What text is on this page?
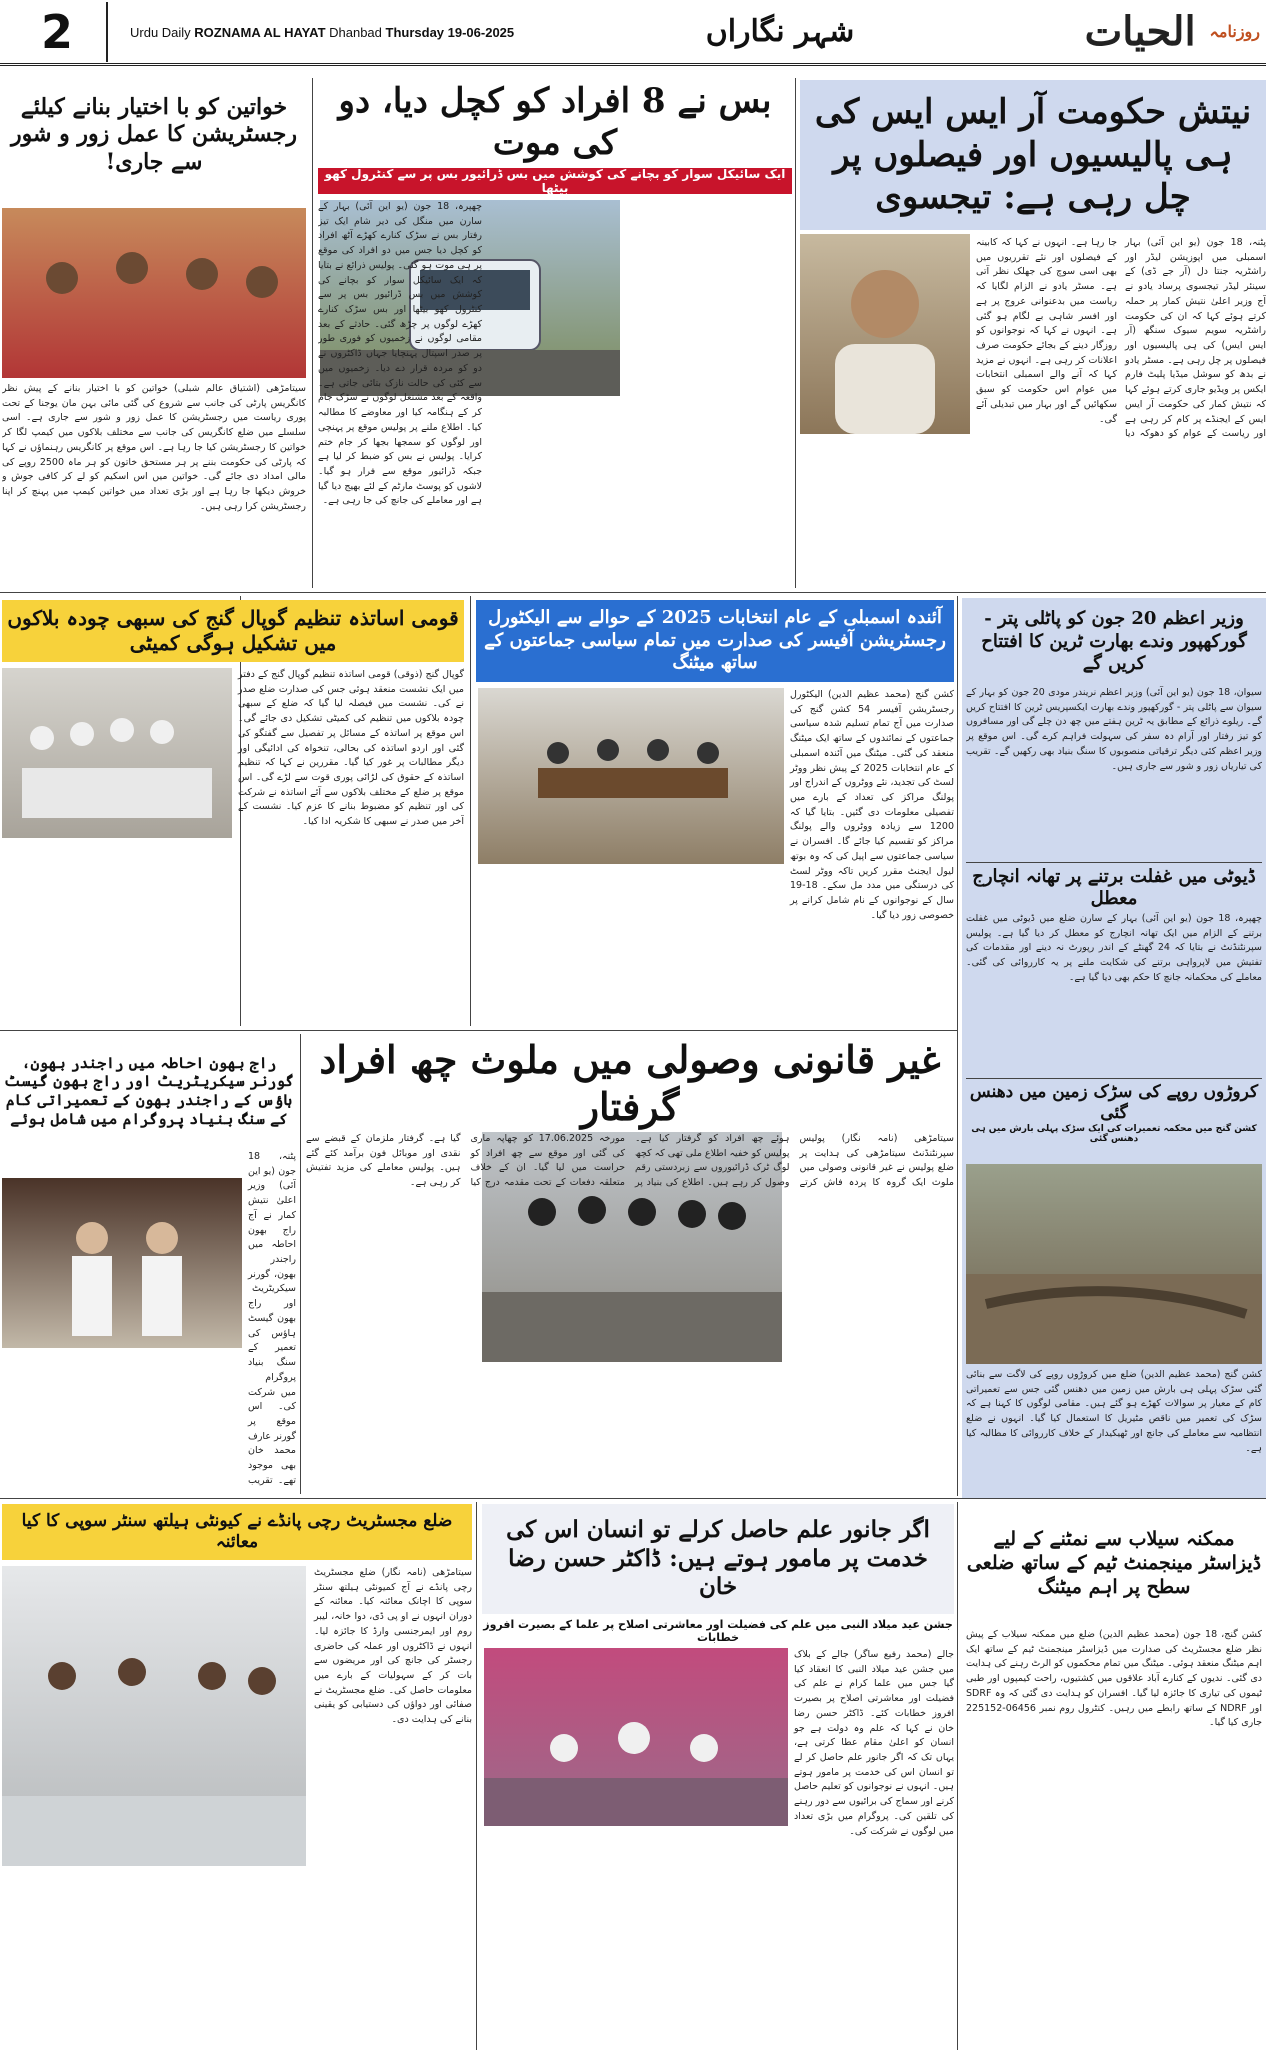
2	Urdu Daily ROZNAMA AL HAYAT Dhanbad Thursday 19-06-2025	شہر نگاراں	$^{روزنامہ}$ الحیات
نیتش حکومت آر ایس ایس کی ہی پالیسیوں اور فیصلوں پر چل رہی ہے: تیجسوی
پٹنہ، 18 جون (یو این آئی) بہار اسمبلی میں اپوزیشن لیڈر اور راشٹریہ جنتا دل (آر جے ڈی) کے سینئر لیڈر تیجسوی پرساد یادو نے آج وزیر اعلیٰ نتیش کمار پر حملہ کرتے ہوئے کہا کہ ان کی حکومت راشٹریہ سویم سیوک سنگھ (آر ایس ایس) کی ہی پالیسیوں اور فیصلوں پر چل رہی ہے۔ مسٹر یادو نے بدھ کو سوشل میڈیا پلیٹ فارم ایکس پر ویڈیو جاری کرتے ہوئے کہا کہ نتیش کمار کی حکومت آر ایس ایس کے ایجنڈے پر کام کر رہی ہے اور ریاست کے عوام کو دھوکہ دیا جا رہا ہے۔ انہوں نے کہا کہ کابینہ کے فیصلوں اور نئے تقرریوں میں بھی اسی سوچ کی جھلک نظر آتی ہے۔ مسٹر یادو نے الزام لگایا کہ ریاست میں بدعنوانی عروج پر ہے اور افسر شاہی بے لگام ہو گئی ہے۔ انہوں نے کہا کہ نوجوانوں کو روزگار دینے کے بجائے حکومت صرف اعلانات کر رہی ہے۔ انہوں نے مزید کہا کہ آنے والے اسمبلی انتخابات میں عوام اس حکومت کو سبق سکھائیں گے اور بہار میں تبدیلی آئے گی۔
بس نے 8 افراد کو کچل دیا، دو کی موت
ایک سائیکل سوار کو بچانے کی کوشش میں بس ڈرائیور بس پر سے کنٹرول کھو بیٹھا
چھپرہ، 18 جون (یو این آئی) بہار کے سارن میں منگل کی دیر شام ایک تیز رفتار بس نے سڑک کنارے کھڑے آٹھ افراد کو کچل دیا جس میں دو افراد کی موقع پر ہی موت ہو گئی۔ پولیس ذرائع نے بتایا کہ ایک سائیکل سوار کو بچانے کی کوشش میں بس ڈرائیور بس پر سے کنٹرول کھو بیٹھا اور بس سڑک کنارے کھڑے لوگوں پر چڑھ گئی۔ حادثے کے بعد مقامی لوگوں نے زخمیوں کو فوری طور پر صدر اسپتال پہنچایا جہاں ڈاکٹروں نے دو کو مردہ قرار دے دیا۔ زخمیوں میں سے کئی کی حالت نازک بتائی جاتی ہے۔ واقعہ کے بعد مشتعل لوگوں نے سڑک جام کر کے ہنگامہ کیا اور معاوضے کا مطالبہ کیا۔ اطلاع ملنے پر پولیس موقع پر پہنچی اور لوگوں کو سمجھا بجھا کر جام ختم کرایا۔ پولیس نے بس کو ضبط کر لیا ہے جبکہ ڈرائیور موقع سے فرار ہو گیا۔ لاشوں کو پوسٹ مارٹم کے لئے بھیج دیا گیا ہے اور معاملے کی جانچ کی جا رہی ہے۔
خواتین کو با اختیار بنانے کیلئے رجسٹریشن کا عمل زور و شور سے جاری!
سیتامڑھی (اشتیاق عالم شبلی) خواتین کو با اختیار بنانے کے پیش نظر کانگریس پارٹی کی جانب سے شروع کی گئی مائی بہن مان یوجنا کے تحت پوری ریاست میں رجسٹریشن کا عمل زور و شور سے جاری ہے۔ اسی سلسلے میں ضلع کانگریس کی جانب سے مختلف بلاکوں میں کیمپ لگا کر خواتین کا رجسٹریشن کیا جا رہا ہے۔ اس موقع پر کانگریس رہنماؤں نے کہا کہ پارٹی کی حکومت بننے پر ہر مستحق خاتون کو ہر ماہ 2500 روپے کی مالی امداد دی جائے گی۔ خواتین میں اس اسکیم کو لے کر کافی جوش و خروش دیکھا جا رہا ہے اور بڑی تعداد میں خواتین کیمپ میں پہنچ کر اپنا رجسٹریشن کرا رہی ہیں۔
قومی اساتذہ تنظیم گوپال گنج کی سبھی چودہ بلاکوں میں تشکیل ہوگی کمیٹی
گوپال گنج (ذوقی) قومی اساتذہ تنظیم گوپال گنج کے دفتر میں ایک نشست منعقد ہوئی جس کی صدارت ضلع صدر نے کی۔ نشست میں فیصلہ لیا گیا کہ ضلع کے سبھی چودہ بلاکوں میں تنظیم کی کمیٹی تشکیل دی جائے گی۔ اس موقع پر اساتذہ کے مسائل پر تفصیل سے گفتگو کی گئی اور اردو اساتذہ کی بحالی، تنخواہ کی ادائیگی اور دیگر مطالبات پر غور کیا گیا۔ مقررین نے کہا کہ تنظیم اساتذہ کے حقوق کی لڑائی پوری قوت سے لڑے گی۔ اس موقع پر ضلع کے مختلف بلاکوں سے آئے اساتذہ نے شرکت کی اور تنظیم کو مضبوط بنانے کا عزم کیا۔ نشست کے آخر میں صدر نے سبھی کا شکریہ ادا کیا۔
آئندہ اسمبلی کے عام انتخابات 2025 کے حوالے سے الیکٹورل رجسٹریشن آفیسر کی صدارت میں تمام سیاسی جماعتوں کے ساتھ میٹنگ
کشن گنج (محمد عظیم الدین) الیکٹورل رجسٹریشن آفیسر 54 کشن گنج کی صدارت میں آج تمام تسلیم شدہ سیاسی جماعتوں کے نمائندوں کے ساتھ ایک میٹنگ منعقد کی گئی۔ میٹنگ میں آئندہ اسمبلی کے عام انتخابات 2025 کے پیش نظر ووٹر لسٹ کی تجدید، نئے ووٹروں کے اندراج اور پولنگ مراکز کی تعداد کے بارے میں تفصیلی معلومات دی گئیں۔ بتایا گیا کہ 1200 سے زیادہ ووٹروں والے پولنگ مراکز کو تقسیم کیا جائے گا۔ افسران نے سیاسی جماعتوں سے اپیل کی کہ وہ بوتھ لیول ایجنٹ مقرر کریں تاکہ ووٹر لسٹ کی درستگی میں مدد مل سکے۔ 18-19 سال کے نوجوانوں کے نام شامل کرانے پر خصوصی زور دیا گیا۔
وزیر اعظم 20 جون کو پاٹلی پتر - گورکھپور وندے بھارت ٹرین کا افتتاح کریں گے
سیوان، 18 جون (یو این آئی) وزیر اعظم نریندر مودی 20 جون کو بہار کے سیوان سے پاٹلی پتر - گورکھپور وندے بھارت ایکسپریس ٹرین کا افتتاح کریں گے۔ ریلوے ذرائع کے مطابق یہ ٹرین ہفتے میں چھ دن چلے گی اور مسافروں کو تیز رفتار اور آرام دہ سفر کی سہولت فراہم کرے گی۔ اس موقع پر وزیر اعظم کئی دیگر ترقیاتی منصوبوں کا سنگ بنیاد بھی رکھیں گے۔ تقریب کی تیاریاں زور و شور سے جاری ہیں۔
ڈیوٹی میں غفلت برتنے پر تھانہ انچارج معطل
چھپرہ، 18 جون (یو این آئی) بہار کے سارن ضلع میں ڈیوٹی میں غفلت برتنے کے الزام میں ایک تھانہ انچارج کو معطل کر دیا گیا ہے۔ پولیس سپرنٹنڈنٹ نے بتایا کہ 24 گھنٹے کے اندر رپورٹ نہ دینے اور مقدمات کی تفتیش میں لاپرواہی برتنے کی شکایت ملنے پر یہ کارروائی کی گئی۔ معاملے کی محکمانہ جانچ کا حکم بھی دیا گیا ہے۔
کروڑوں روپے کی سڑک زمین میں دھنس گئی
کشن گنج میں محکمہ تعمیرات کی ایک سڑک پہلی بارش میں ہی دھنس گئی
کشن گنج (محمد عظیم الدین) ضلع میں کروڑوں روپے کی لاگت سے بنائی گئی سڑک پہلی ہی بارش میں زمین میں دھنس گئی جس سے تعمیراتی کام کے معیار پر سوالات کھڑے ہو گئے ہیں۔ مقامی لوگوں کا کہنا ہے کہ سڑک کی تعمیر میں ناقص مٹیریل کا استعمال کیا گیا۔ انہوں نے ضلع انتظامیہ سے معاملے کی جانچ اور ٹھیکیدار کے خلاف کارروائی کا مطالبہ کیا ہے۔
راج بھون احاطہ میں راجندر بھون، گورنر سیکریٹریٹ اور راج بھون گیسٹ ہاؤس کے راجندر بھون کے تعمیراتی کام کے سنگ بنیاد پروگرام میں شامل ہوئے
پٹنہ، 18 جون (یو این آئی) وزیر اعلیٰ نتیش کمار نے آج راج بھون احاطہ میں راجندر بھون، گورنر سیکریٹریٹ اور راج بھون گیسٹ ہاؤس کی تعمیر کے سنگ بنیاد پروگرام میں شرکت کی۔ اس موقع پر گورنر عارف محمد خان بھی موجود تھے۔ تقریب
غیر قانونی وصولی میں ملوث چھ افراد گرفتار
سیتامڑھی (نامہ نگار) پولیس سپرنٹنڈنٹ سیتامڑھی کی ہدایت پر ضلع پولیس نے غیر قانونی وصولی میں ملوث ایک گروہ کا پردہ فاش کرتے ہوئے چھ افراد کو گرفتار کیا ہے۔ پولیس کو خفیہ اطلاع ملی تھی کہ کچھ لوگ ٹرک ڈرائیوروں سے زبردستی رقم وصول کر رہے ہیں۔ اطلاع کی بنیاد پر مورخہ 17.06.2025 کو چھاپہ ماری کی گئی اور موقع سے چھ افراد کو حراست میں لیا گیا۔ ان کے خلاف متعلقہ دفعات کے تحت مقدمہ درج کیا گیا ہے۔ گرفتار ملزمان کے قبضے سے نقدی اور موبائل فون برآمد کئے گئے ہیں۔ پولیس معاملے کی مزید تفتیش کر رہی ہے۔
ضلع مجسٹریٹ رچی پانڈے نے کیونٹی ہیلتھ سنٹر سوپی کا کیا معائنہ
سیتامڑھی (نامہ نگار) ضلع مجسٹریٹ رچی پانڈے نے آج کمیونٹی ہیلتھ سنٹر سوپی کا اچانک معائنہ کیا۔ معائنہ کے دوران انہوں نے او پی ڈی، دوا خانہ، لیبر روم اور ایمرجنسی وارڈ کا جائزہ لیا۔ انہوں نے ڈاکٹروں اور عملہ کی حاضری رجسٹر کی جانچ کی اور مریضوں سے بات کر کے سہولیات کے بارے میں معلومات حاصل کی۔ ضلع مجسٹریٹ نے صفائی اور دواؤں کی دستیابی کو یقینی بنانے کی ہدایت دی۔
اگر جانور علم حاصل کرلے تو انسان اس کی خدمت پر مامور ہوتے ہیں: ڈاکٹر حسن رضا خان
جشن عید میلاد النبی میں علم کی فضیلت اور معاشرتی اصلاح پر علما کے بصیرت افروز خطابات
جالے (محمد رفیع ساگر) جالے کے بلاک میں جشن عید میلاد النبی کا انعقاد کیا گیا جس میں علما کرام نے علم کی فضیلت اور معاشرتی اصلاح پر بصیرت افروز خطابات کئے۔ ڈاکٹر حسن رضا خان نے کہا کہ علم وہ دولت ہے جو انسان کو اعلیٰ مقام عطا کرتی ہے، یہاں تک کہ اگر جانور علم حاصل کر لے تو انسان اس کی خدمت پر مامور ہوتے ہیں۔ انہوں نے نوجوانوں کو تعلیم حاصل کرنے اور سماج کی برائیوں سے دور رہنے کی تلقین کی۔ پروگرام میں بڑی تعداد میں لوگوں نے شرکت کی۔
ممکنہ سیلاب سے نمٹنے کے لیے ڈیزاسٹر مینجمنٹ ٹیم کے ساتھ ضلعی سطح پر اہم میٹنگ
کشن گنج، 18 جون (محمد عظیم الدین) ضلع میں ممکنہ سیلاب کے پیش نظر ضلع مجسٹریٹ کی صدارت میں ڈیزاسٹر مینجمنٹ ٹیم کے ساتھ ایک اہم میٹنگ منعقد ہوئی۔ میٹنگ میں تمام محکموں کو الرٹ رہنے کی ہدایت دی گئی۔ ندیوں کے کنارے آباد علاقوں میں کشتیوں، راحت کیمپوں اور طبی ٹیموں کی تیاری کا جائزہ لیا گیا۔ افسران کو ہدایت دی گئی کہ وہ SDRF اور NDRF کے ساتھ رابطے میں رہیں۔ کنٹرول روم نمبر 06456-225152 جاری کیا گیا۔
